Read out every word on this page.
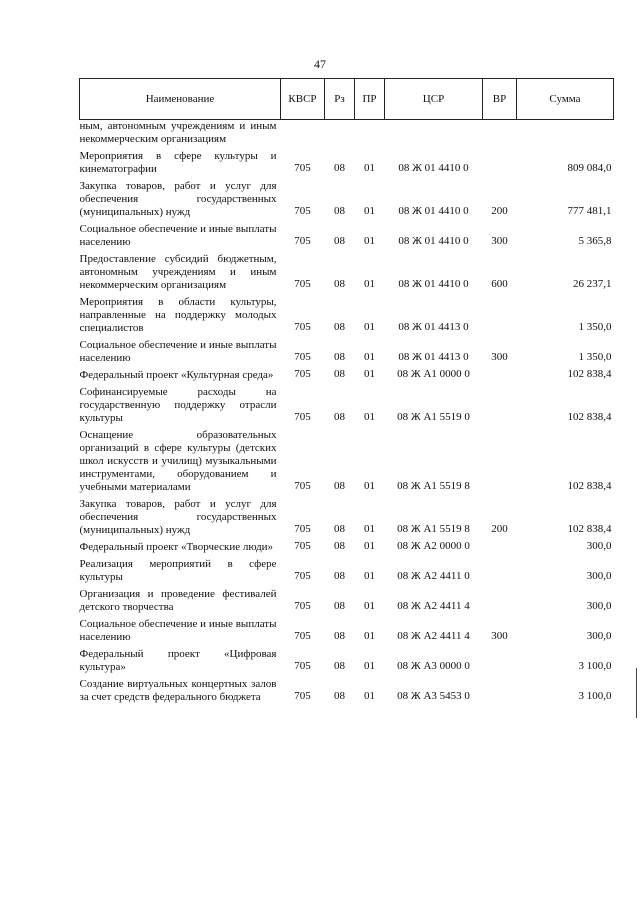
47
Наименование	КВСР	Рз	ПР	ЦСР	ВР	Сумма
ным, автономным учреждениям и иным некоммерческим организациям						
Мероприятия в сфере культуры и кинематографии	705	08	01	08 Ж 01 4410 0		809 084,0
Закупка товаров, работ и услуг для обеспечения государственных (муниципальных) нужд	705	08	01	08 Ж 01 4410 0	200	777 481,1
Социальное обеспечение и иные выплаты населению	705	08	01	08 Ж 01 4410 0	300	5 365,8
Предоставление субсидий бюджетным, автономным учреждениям и иным некоммерческим организациям	705	08	01	08 Ж 01 4410 0	600	26 237,1
Мероприятия в области культуры, направленные на поддержку молодых специалистов	705	08	01	08 Ж 01 4413 0		1 350,0
Социальное обеспечение и иные выплаты населению	705	08	01	08 Ж 01 4413 0	300	1 350,0
Федеральный проект «Культурная среда»	705	08	01	08 Ж А1 0000 0		102 838,4
Софинансируемые расходы на государственную поддержку отрасли культуры	705	08	01	08 Ж А1 5519 0		102 838,4
Оснащение образовательных организаций в сфере культуры (детских школ искусств и училищ) музыкальными инструментами, оборудованием и учебными материалами	705	08	01	08 Ж А1 5519 8		102 838,4
Закупка товаров, работ и услуг для обеспечения государственных (муниципальных) нужд	705	08	01	08 Ж А1 5519 8	200	102 838,4
Федеральный проект «Творческие люди»	705	08	01	08 Ж А2 0000 0		300,0
Реализация мероприятий в сфере культуры	705	08	01	08 Ж А2 4411 0		300,0
Организация и проведение фестивалей детского творчества	705	08	01	08 Ж А2 4411 4		300,0
Социальное обеспечение и иные выплаты населению	705	08	01	08 Ж А2 4411 4	300	300,0
Федеральный проект «Цифровая культура»	705	08	01	08 Ж А3 0000 0		3 100,0
Создание виртуальных концертных залов за счет средств федерального бюджета	705	08	01	08 Ж А3 5453 0		3 100,0
